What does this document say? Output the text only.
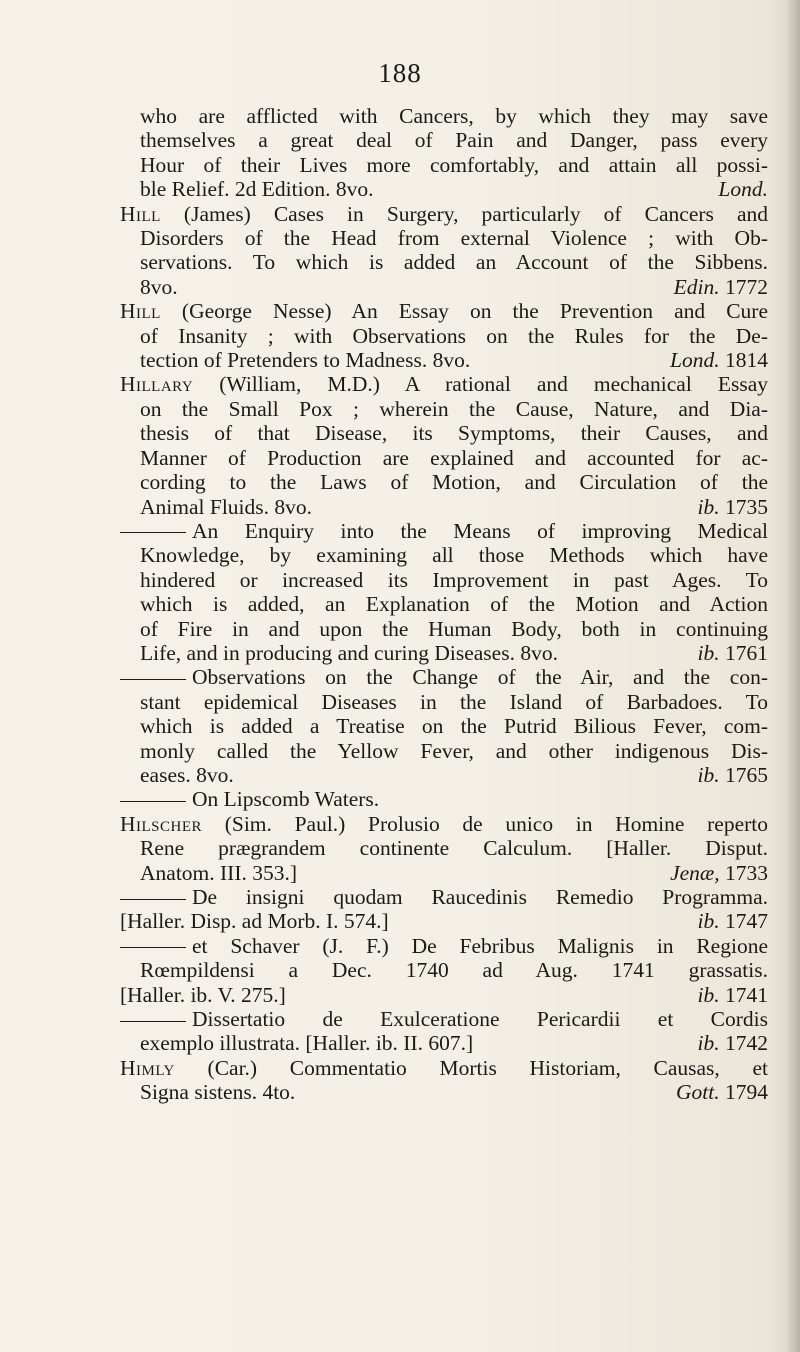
188
who are afflicted with Cancers, by which they may save
themselves a great deal of Pain and Danger, pass every
Hour of their Lives more comfortably, and attain all possi-
ble Relief. 2d Edition. 8vo.	Lond.
Hill (James) Cases in Surgery, particularly of Cancers and
Disorders of the Head from external Violence ; with Ob-
servations. To which is added an Account of the Sibbens.
8vo.	Edin. 1772
Hill (George Nesse) An Essay on the Prevention and Cure
of Insanity ; with Observations on the Rules for the De-
tection of Pretenders to Madness. 8vo.	Lond. 1814
Hillary (William, M.D.) A rational and mechanical Essay
on the Small Pox ; wherein the Cause, Nature, and Dia-
thesis of that Disease, its Symptoms, their Causes, and
Manner of Production are explained and accounted for ac-
cording to the Laws of Motion, and Circulation of the
Animal Fluids. 8vo.	ib. 1735
An Enquiry into the Means of improving Medical
Knowledge, by examining all those Methods which have
hindered or increased its Improvement in past Ages. To
which is added, an Explanation of the Motion and Action
of Fire in and upon the Human Body, both in continuing
Life, and in producing and curing Diseases. 8vo.	ib. 1761
Observations on the Change of the Air, and the con-
stant epidemical Diseases in the Island of Barbadoes. To
which is added a Treatise on the Putrid Bilious Fever, com-
monly called the Yellow Fever, and other indigenous Dis-
eases. 8vo.	ib. 1765
On Lipscomb Waters.
Hilscher (Sim. Paul.) Prolusio de unico in Homine reperto
Rene prægrandem continente Calculum. [Haller. Disput.
Anatom. III. 353.]	Jenæ, 1733
De insigni quodam Raucedinis Remedio Programma.
[Haller. Disp. ad Morb. I. 574.]	ib. 1747
et Schaver (J. F.) De Febribus Malignis in Regione
Rœmpildensi a Dec. 1740 ad Aug. 1741 grassatis.
[Haller. ib. V. 275.]	ib. 1741
Dissertatio de Exulceratione Pericardii et Cordis
exemplo illustrata. [Haller. ib. II. 607.]	ib. 1742
Himly (Car.) Commentatio Mortis Historiam, Causas, et
Signa sistens. 4to.	Gott. 1794
